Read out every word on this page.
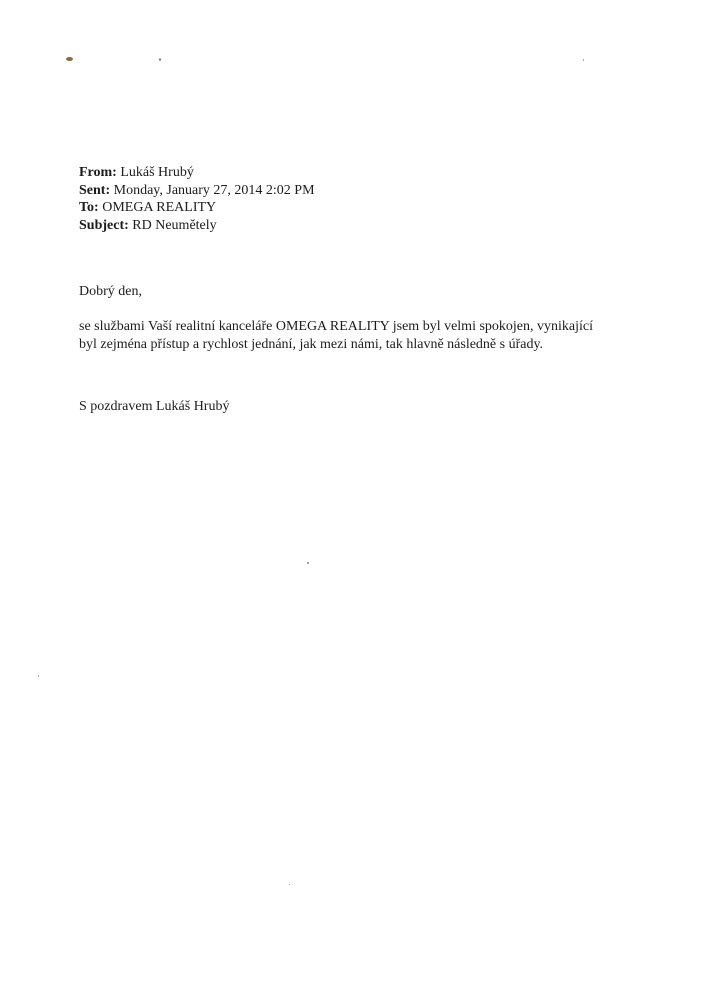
From: Lukáš Hrubý
Sent: Monday, January 27, 2014 2:02 PM
To: OMEGA REALITY
Subject: RD Neumětely
Dobrý den,
se službami Vaší realitní kanceláře OMEGA REALITY jsem byl velmi spokojen, vynikající
byl zejména přístup a rychlost jednání, jak mezi námi, tak hlavně následně s úřady.
S pozdravem Lukáš Hrubý
